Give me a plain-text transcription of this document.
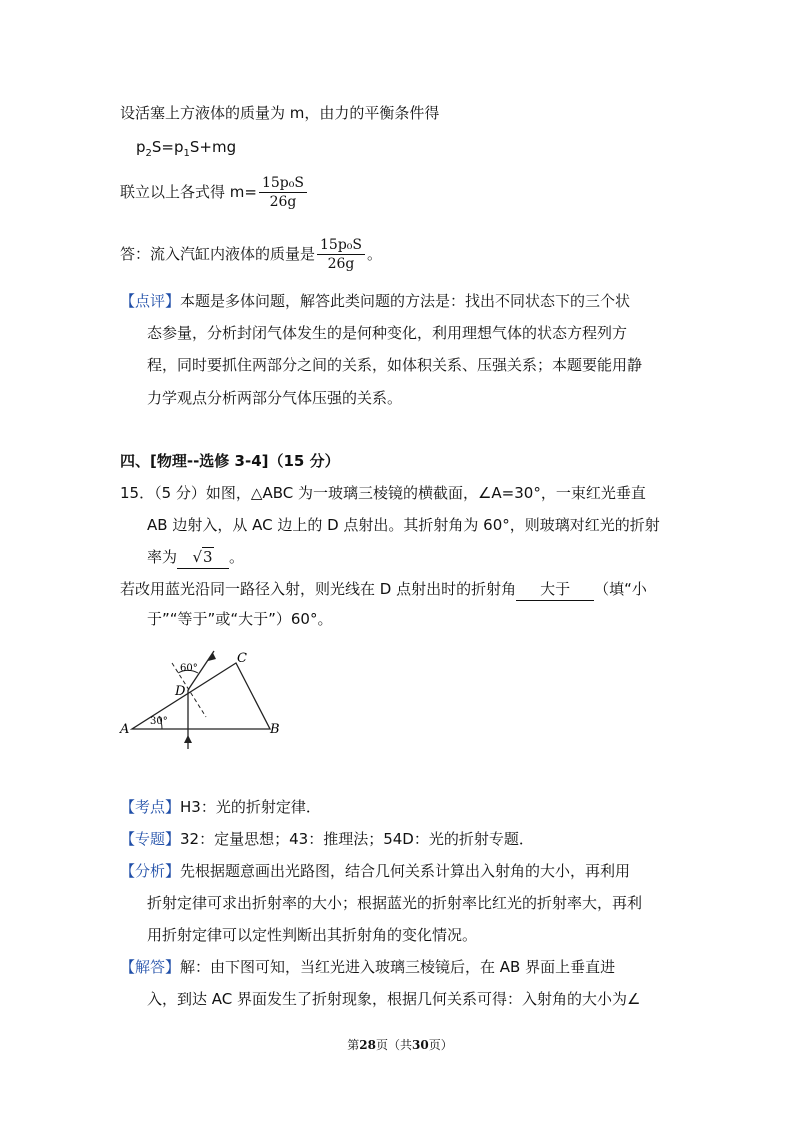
设活塞上方液体的质量为 m，由力的平衡条件得
$p_2S=p_1S+mg$
联立以上各式得 $m= \frac{\text{15p₀S}}{26g}$
答：流入汽缸内液体的质量是 $\frac{\text{15p₀S}}{26g}$ 。
【点评】本题是多体问题，解答此类问题的方法是：找出不同状态下的三个状
态参量，分析封闭气体发生的是何种变化，利用理想气体的状态方程列方
程，同时要抓住两部分之间的关系，如体积关系、压强关系；本题要能用静
力学观点分析两部分气体压强的关系。
四、[物理--选修 3-4]（15 分）
15．（5 分）如图，△ABC 为一玻璃三棱镜的横截面，∠A=30°，一束红光垂直
AB 边射入，从 AC 边上的 D 点射出。其折射角为 60°，则玻璃对红光的折射
率为 √3 。
若改用蓝光沿同一路径入射，则光线在 D 点射出时的折射角 大于 （填“小
于”“等于”或“大于”）60°。
A	B
C
D
30°
60°
【考点】H3：光的折射定律．
【专题】32：定量思想；43：推理法；54D：光的折射专题．
【分析】先根据题意画出光路图，结合几何关系计算出入射角的大小，再利用
折射定律可求出折射率的大小；根据蓝光的折射率比红光的折射率大，再利
用折射定律可以定性判断出其折射角的变化情况。
【解答】解：由下图可知，当红光进入玻璃三棱镜后，在 AB 界面上垂直进
入，到达 AC 界面发生了折射现象，根据几何关系可得：入射角的大小为∠
第28页（共30页）
